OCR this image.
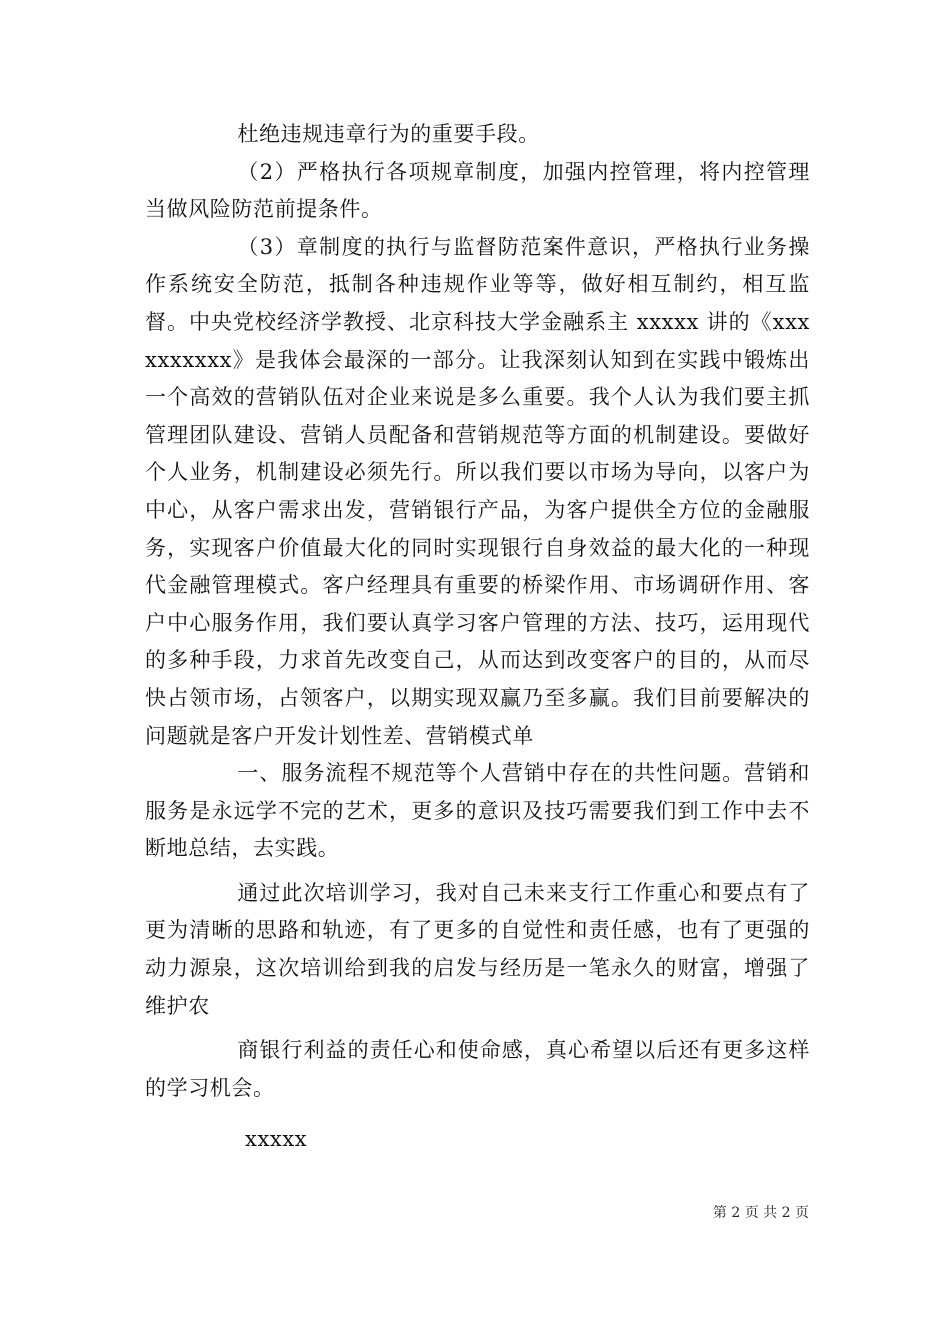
杜绝违规违章行为的重要手段。

（2）严格执行各项规章制度，加强内控管理，将内控管理当做风险防范前提条件。

（3）章制度的执行与监督防范案件意识，严格执行业务操作系统安全防范，抵制各种违规作业等等，做好相互制约，相互监督。中央党校经济学教授、北京科技大学金融系主 xxxxx 讲的《xxxxxxxxxx》是我体会最深的一部分。让我深刻认知到在实践中锻炼出一个高效的营销队伍对企业来说是多么重要。我个人认为我们要主抓管理团队建设、营销人员配备和营销规范等方面的机制建设。要做好个人业务，机制建设必须先行。所以我们要以市场为导向，以客户为中心，从客户需求出发，营销银行产品，为客户提供全方位的金融服务，实现客户价值最大化的同时实现银行自身效益的最大化的一种现代金融管理模式。客户经理具有重要的桥梁作用、市场调研作用、客户中心服务作用，我们要认真学习客户管理的方法、技巧，运用现代的多种手段，力求首先改变自己，从而达到改变客户的目的，从而尽快占领市场，占领客户，以期实现双赢乃至多赢。我们目前要解决的问题就是客户开发计划性差、营销模式单

一、服务流程不规范等个人营销中存在的共性问题。营销和服务是永远学不完的艺术，更多的意识及技巧需要我们到工作中去不断地总结，去实践。

通过此次培训学习，我对自己未来支行工作重心和要点有了更为清晰的思路和轨迹，有了更多的自觉性和责任感，也有了更强的动力源泉，这次培训给到我的启发与经历是一笔永久的财富，增强了维护农

商银行利益的责任心和使命感，真心希望以后还有更多这样的学习机会。

xxxxx

第 2 页 共 2 页
